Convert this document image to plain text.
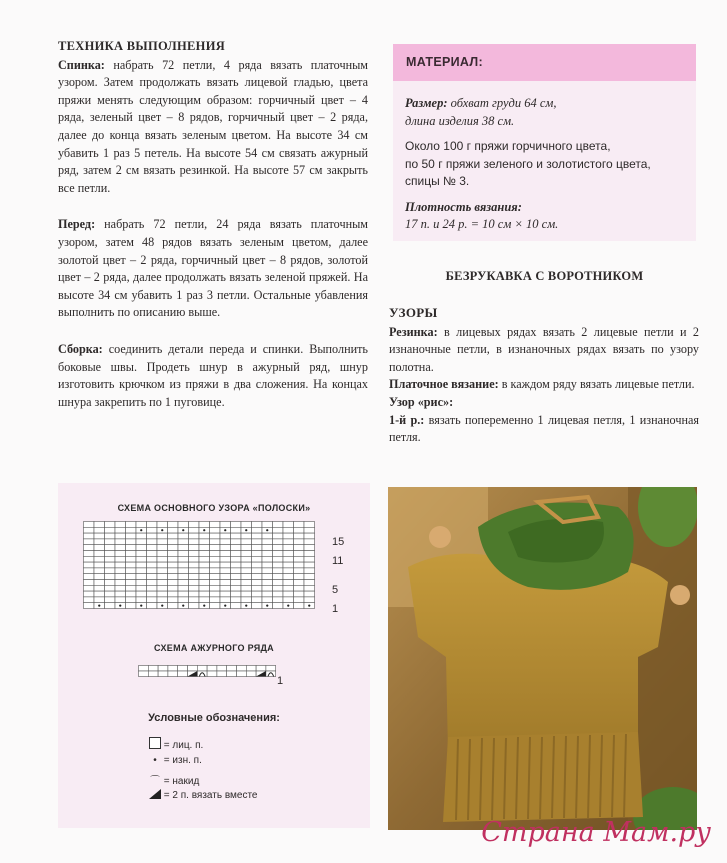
ТЕХНИКА ВЫПОЛНЕНИЯ

Спинка: набрать 72 петли, 4 ряда вязать платочным узором. Затем продолжать вязать лицевой гладью, цвета пряжи менять следующим образом: горчичный цвет – 4 ряда, зеленый цвет – 8 рядов, горчичный цвет – 2 ряда, далее до конца вязать зеленым цветом. На высоте 34 см убавить 1 раз 5 петель. На высоте 54 см связать ажурный ряд, затем 2 см вязать резинкой. На высоте 57 см закрыть все петли.

Перед: набрать 72 петли, 24 ряда вязать платочным узором, затем 48 рядов вязать зеленым цветом, далее золотой цвет – 2 ряда, горчичный цвет – 8 рядов, золотой цвет – 2 ряда, далее продолжать вязать зеленой пряжей. На высоте 34 см убавить 1 раз 3 петли. Остальные убавления выполнить по описанию выше.

Сборка: соединить детали переда и спинки. Выполнить боковые швы. Продеть шнур в ажурный ряд, шнур изготовить крючком из пряжи в два сложения. На концах шнура закрепить по 1 пуговице.

МАТЕРИАЛ:

Размер: обхват груди 64 см,

длина изделия 38 см.

Около 100 г пряжи горчичного цвета,

по 50 г пряжи зеленого и золотистого цвета,

спицы № 3.

Плотность вязания:

17 п. и 24 р. = 10 см × 10 см.

БЕЗРУКАВКА С ВОРОТНИКОМ
УЗОРЫ

Резинка: в лицевых рядах вязать 2 лицевые петли и 2 изнаночные петли, в изнаночных рядах вязать по узору полотна.

Платочное вязание: в каждом ряду вязать лицевые петли.

Узор «рис»:

1-й р.: вязать попеременно 1 лицевая петля, 1 изнаночная петля.

СХЕМА ОСНОВНОГО УЗОРА «ПОЛОСКИ»
15
11
5
1
СХЕМА АЖУРНОГО РЯДА
1
Условные обозначения:
= лиц. п.
• = изн. п.
⌒ = накид
= 2 п. вязать вместе
Страна Мам.ру
